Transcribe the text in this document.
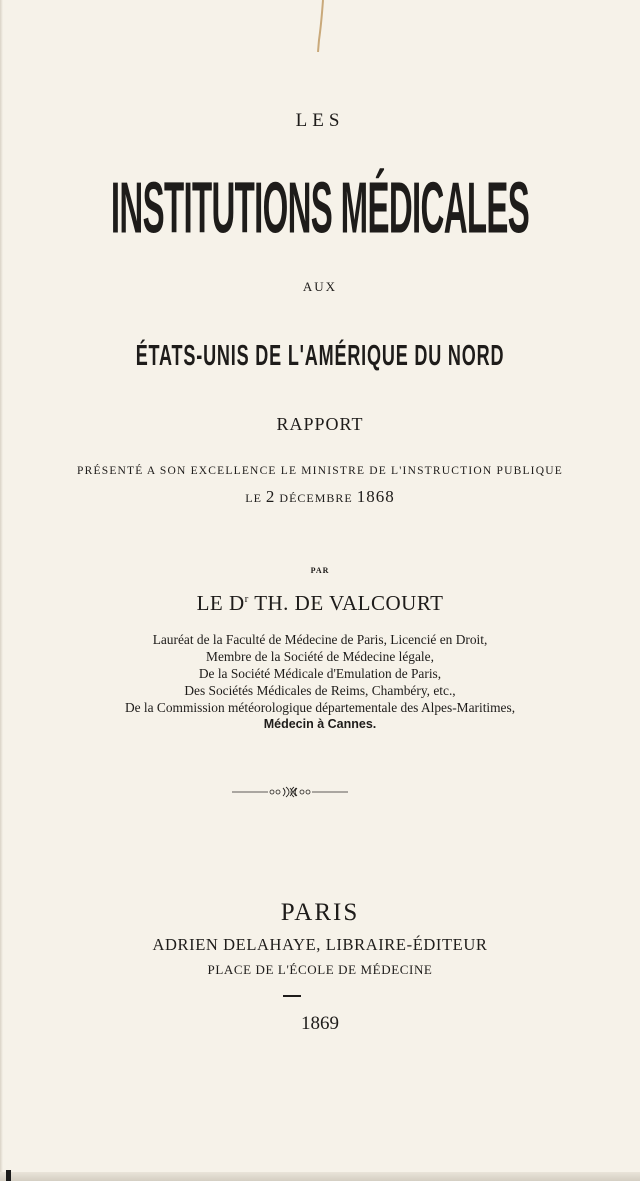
LES
INSTITUTIONS MÉDICALES
AUX
ÉTATS-UNIS DE L'AMÉRIQUE DU NORD
RAPPORT
PRÉSENTÉ A SON EXCELLENCE LE MINISTRE DE L'INSTRUCTION PUBLIQUE
LE 2 DÉCEMBRE 1868
PAR
LE $D^r$ TH. DE VALCOURT
Lauréat de la Faculté de Médecine de Paris, Licencié en Droit,
Membre de la Société de Médecine légale,
De la Société Médicale d'Emulation de Paris,
Des Sociétés Médicales de Reims, Chambéry, etc.,
De la Commission météorologique départementale des Alpes-Maritimes,
Médecin à Cannes.
PARIS
ADRIEN DELAHAYE, LIBRAIRE-ÉDITEUR
PLACE DE L'ÉCOLE DE MÉDECINE
1869
